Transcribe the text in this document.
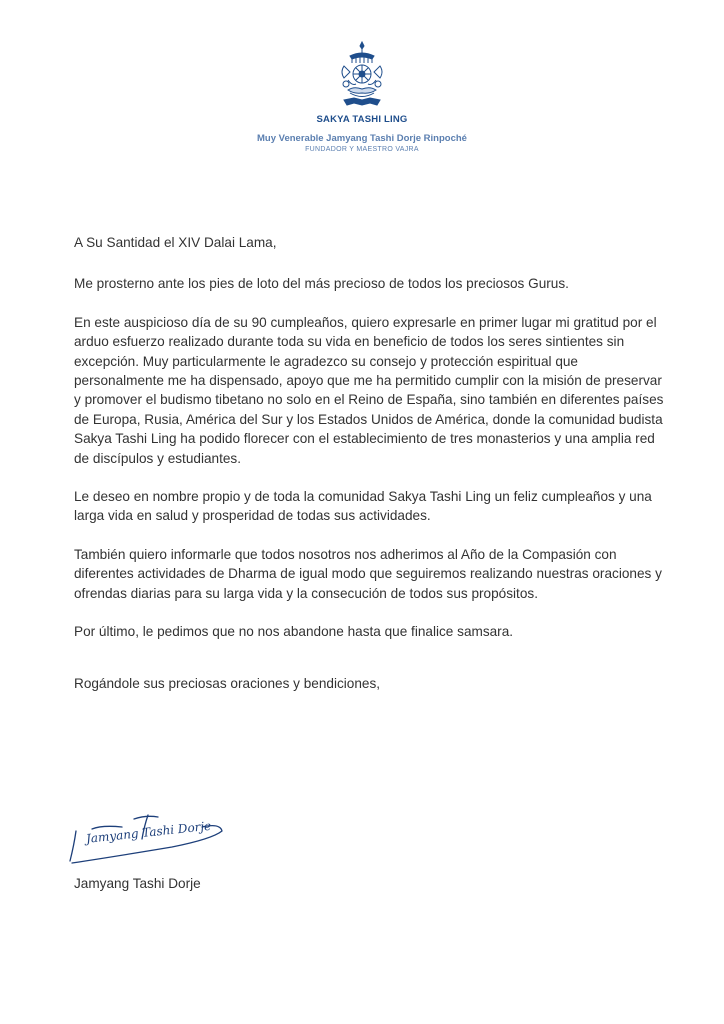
SAKYA TASHI LING
Muy Venerable Jamyang Tashi Dorje Rinpoché
FUNDADOR Y MAESTRO VAJRA

A Su Santidad el XIV Dalai Lama,

Me prosterno ante los pies de loto del más precioso de todos los preciosos Gurus.

En este auspicioso día de su 90 cumpleaños, quiero expresarle en primer lugar mi gratitud por el arduo esfuerzo realizado durante toda su vida en beneficio de todos los seres sintientes sin excepción. Muy particularmente le agradezco su consejo y protección espiritual que personalmente me ha dispensado, apoyo que me ha permitido cumplir con la misión de preservar y promover el budismo tibetano no solo en el Reino de España, sino también en diferentes países de Europa, Rusia, América del Sur y los Estados Unidos de América, donde la comunidad budista Sakya Tashi Ling ha podido florecer con el establecimiento de tres monasterios y una amplia red de discípulos y estudiantes.

Le deseo en nombre propio y de toda la comunidad Sakya Tashi Ling un feliz cumpleaños y una larga vida en salud y prosperidad de todas sus actividades.

También quiero informarle que todos nosotros nos adherimos al Año de la Compasión con diferentes actividades de Dharma de igual modo que seguiremos realizando nuestras oraciones y ofrendas diarias para su larga vida y la consecución de todos sus propósitos.

Por último, le pedimos que no nos abandone hasta que finalice samsara.

Rogándole sus preciosas oraciones y bendiciones,

Jamyang Tashi Dorje
Jamyang Tashi Dorje
